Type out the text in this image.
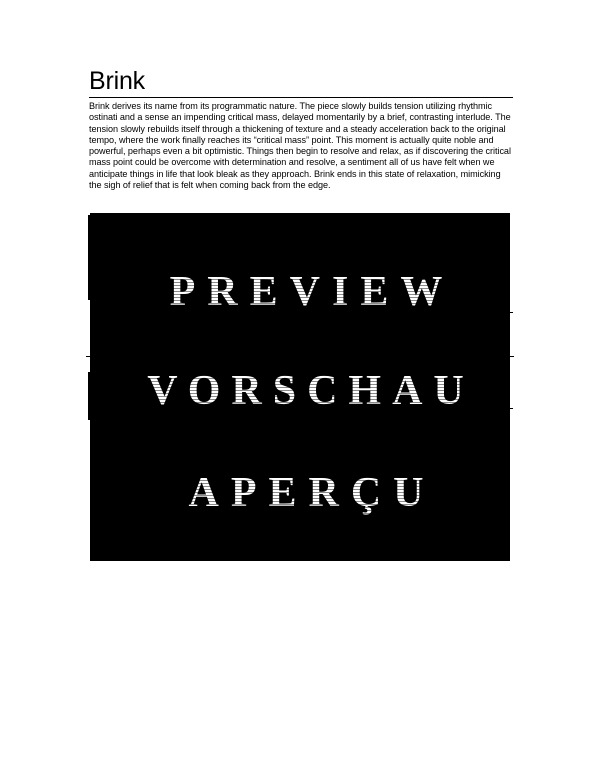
Brink

Brink derives its name from its programmatic nature. The piece slowly builds tension utilizing rhythmic ostinati and a sense an impending critical mass, delayed momentarily by a brief, contrasting interlude. The tension slowly rebuilds itself through a thickening of texture and a steady acceleration back to the original tempo, where the work finally reaches its “critical mass” point. This moment is actually quite noble and powerful, perhaps even a bit optimistic. Things then begin to resolve and relax, as if discovering the critical mass point could be overcome with determination and resolve, a sentiment all of us have felt when we anticipate things in life that look bleak as they approach. Brink ends in this state of relaxation, mimicking the sigh of relief that is felt when coming back from the edge.

PREVIEW
VORSCHAU
APERÇU
